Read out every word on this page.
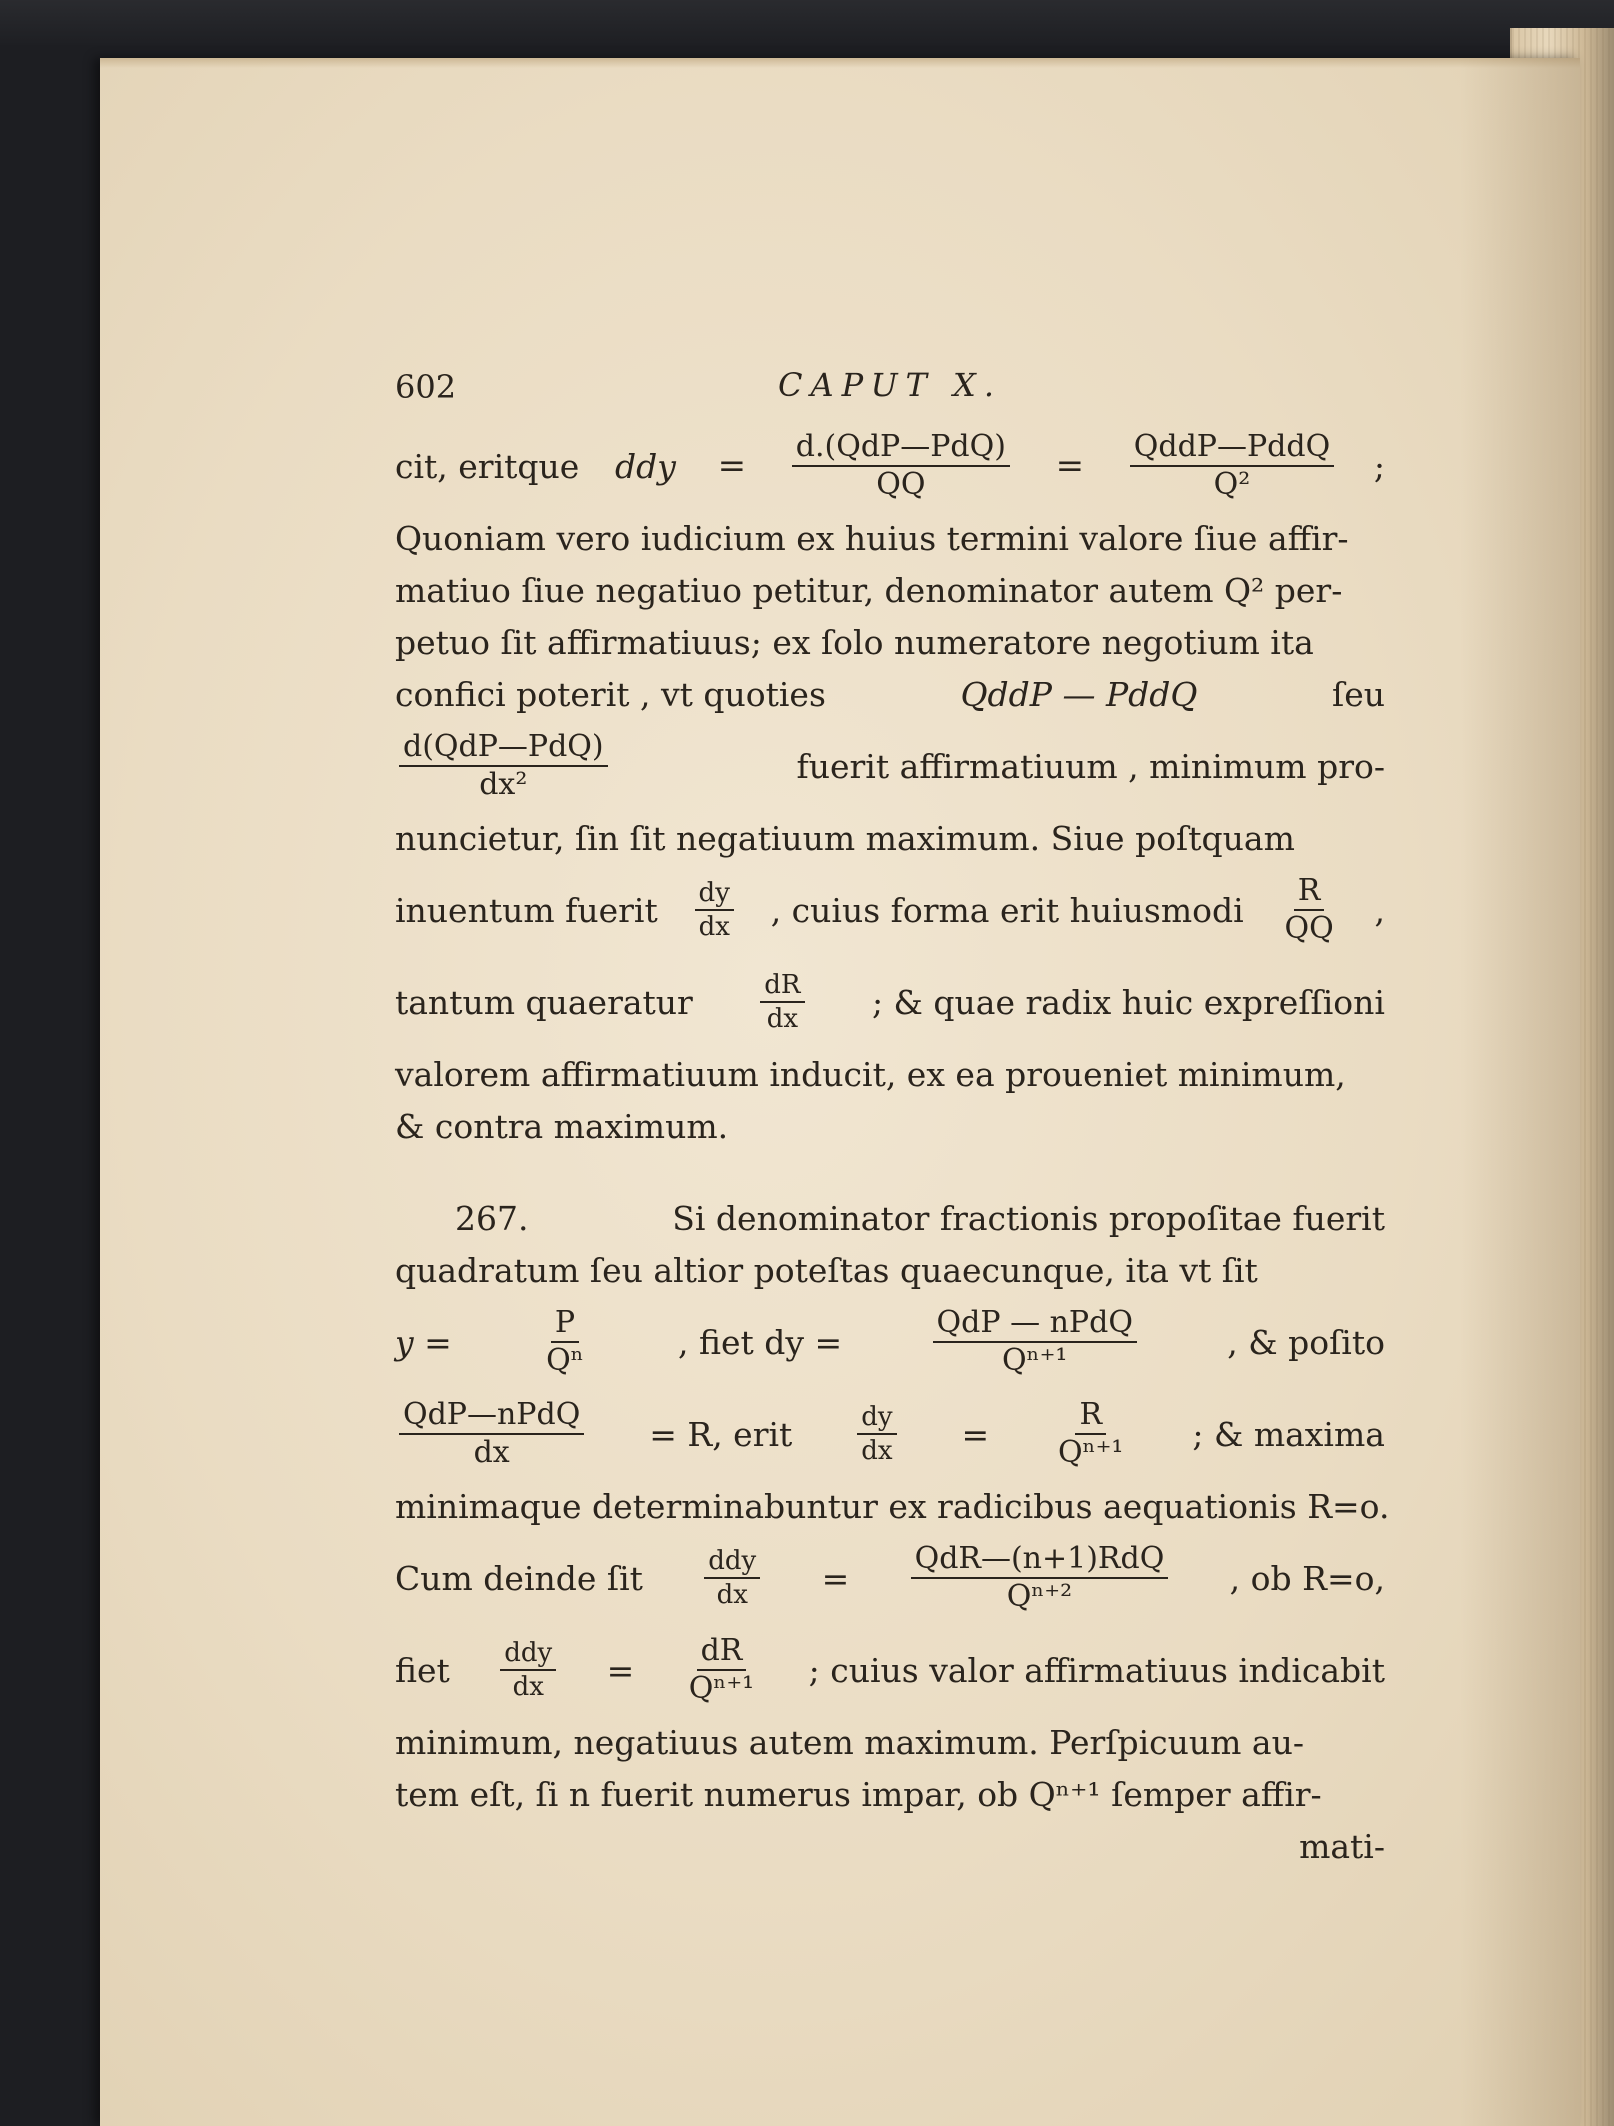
602	CAPUT X.
cit, eritque ddy = $\frac{\text{d.(QdP—PdQ)}}{QQ} = \frac{\text{QddP—PddQ}}{\text{Q²}}$ ;
Quoniam vero iudicium ex huius termini valore ſiue affir-
matiuo ſiue negatiuo petitur, denominator autem Q² per-
petuo ſit affirmatiuus; ex ſolo numeratore negotium ita
confici poterit , vt quoties	QddP — PddQ	ſeu
$\frac{\text{d(QdP—PdQ)}}{\text{dx²}}$	fuerit affirmatiuum , minimum pro-
nuncietur, ſin ſit negatiuum maximum. Siue poſtquam
inuentum fuerit $\frac{dy}{dx}$ , cuius forma erit huiusmodi $\frac{R}{QQ}$ ,
tantum quaeratur	$\frac{dR}{dx}$ ; & quae radix huic expreſſioni
valorem affirmatiuum inducit, ex ea proueniet minimum,
& contra maximum.
267.	Si denominator fractionis propoſitae fuerit
quadratum ſeu altior poteſtas quaecunque, ita vt ſit
y =	$\frac{P}{\text{Qⁿ}}$	, fiet dy =	$\frac{\text{QdP — nPdQ}}{\text{Qⁿ⁺¹}}$	, & poſito
$\frac{\text{QdP—nPdQ}}{dx} = R$, erit $\frac{dy}{dx} = \frac{R}{\text{Qⁿ⁺¹}}$ ; & maxima
minimaque determinabuntur ex radicibus aequationis R=o.
Cum deinde ſit $\frac{\text{ddy}}{dx} = \frac{\text{QdR—(n+1)RdQ}}{\text{Qⁿ⁺²}}$ , ob R=o,
fiet $\frac{\text{ddy}}{dx} = \frac{dR}{\text{Qⁿ⁺¹}}$ ; cuius valor affirmatiuus indicabit
minimum, negatiuus autem maximum. Perſpicuum au-
tem eſt, ſi n fuerit numerus impar, ob Qⁿ⁺¹ ſemper affir-
mati-
